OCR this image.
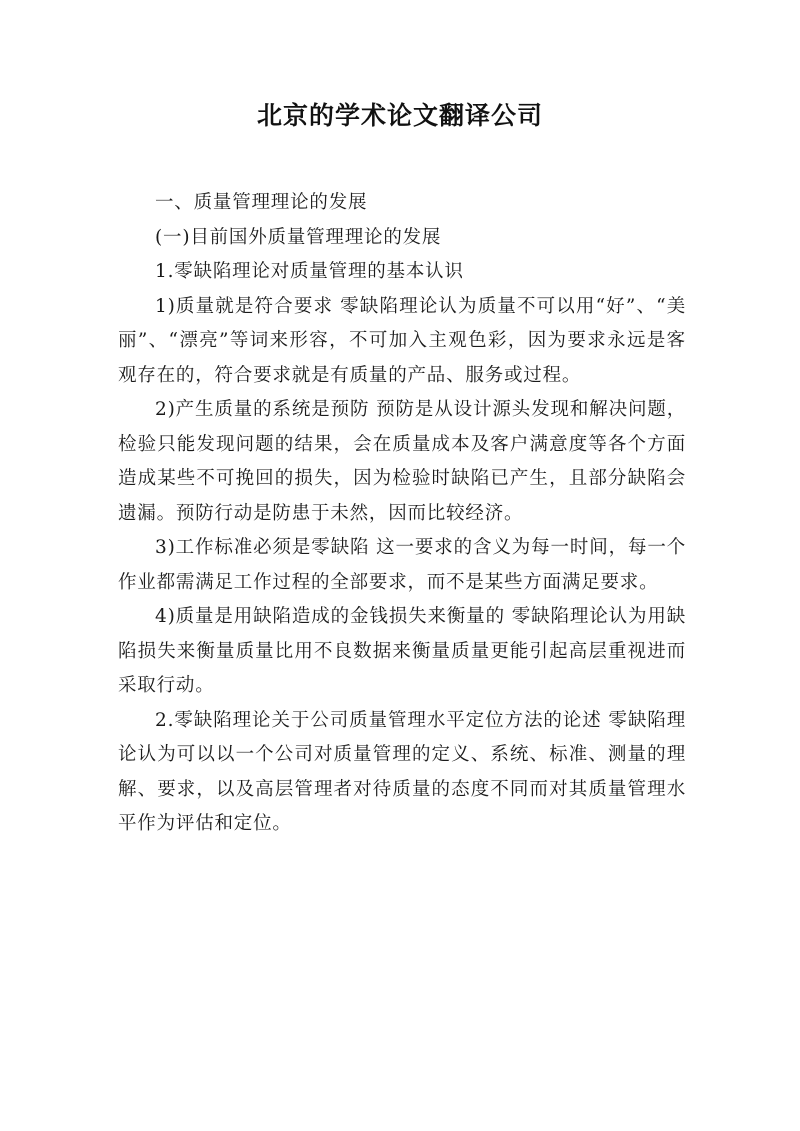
北京的学术论文翻译公司

一、质量管理理论的发展

(一)目前国外质量管理理论的发展

1.零缺陷理论对质量管理的基本认识

1)质量就是符合要求 零缺陷理论认为质量不可以用“好”、“美丽”、“漂亮”等词来形容，不可加入主观色彩，因为要求永远是客观存在的，符合要求就是有质量的产品、服务或过程。

2)产生质量的系统是预防 预防是从设计源头发现和解决问题，检验只能发现问题的结果，会在质量成本及客户满意度等各个方面造成某些不可挽回的损失，因为检验时缺陷已产生，且部分缺陷会遗漏。预防行动是防患于未然，因而比较经济。

3)工作标准必须是零缺陷 这一要求的含义为每一时间，每一个作业都需满足工作过程的全部要求，而不是某些方面满足要求。

4)质量是用缺陷造成的金钱损失来衡量的 零缺陷理论认为用缺陷损失来衡量质量比用不良数据来衡量质量更能引起高层重视进而采取行动。

2.零缺陷理论关于公司质量管理水平定位方法的论述 零缺陷理论认为可以以一个公司对质量管理的定义、系统、标准、测量的理解、要求，以及高层管理者对待质量的态度不同而对其质量管理水平作为评估和定位。
